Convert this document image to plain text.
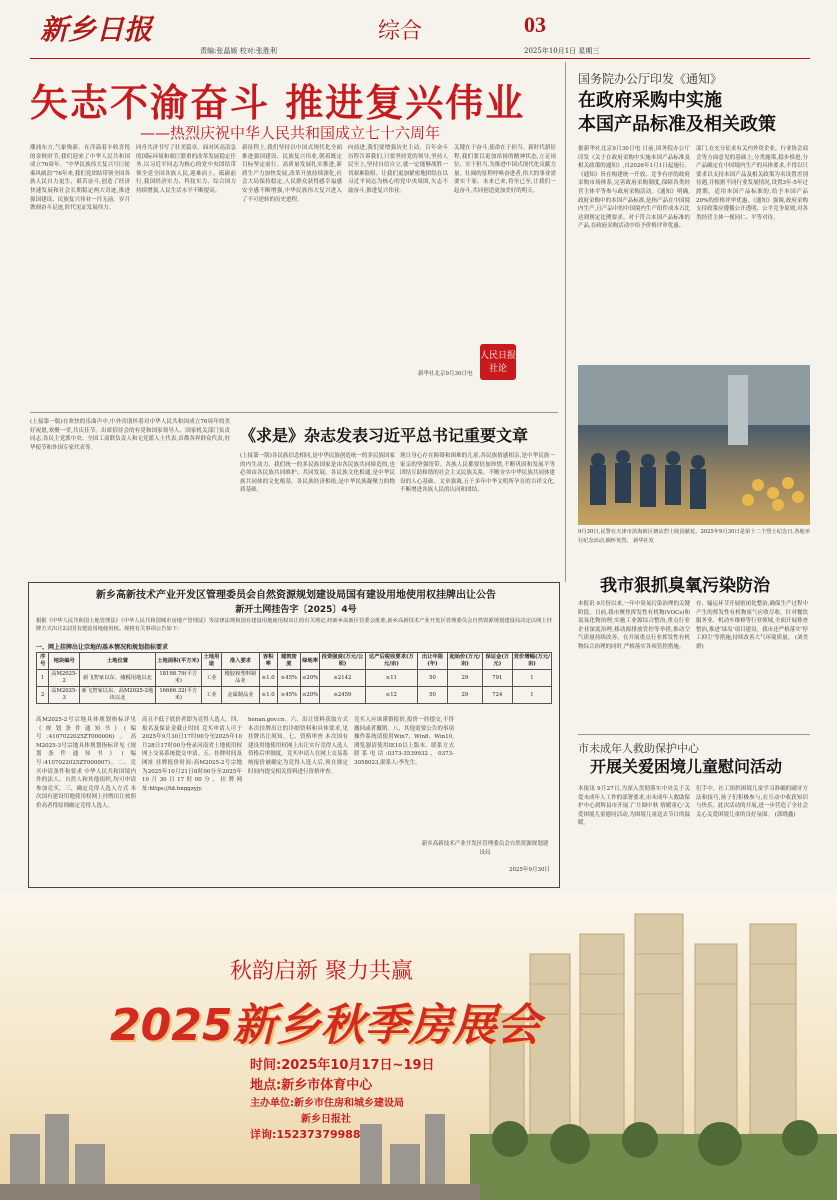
新乡日报
责编:张晶媛 校对:张胜利
综合	03
2025年10月1日 星期三
矢志不渝奋斗 推进复兴伟业
——热烈庆祝中华人民共和国成立七十六周年
潮涌东方,气象焕新。在洋溢着丰收喜悦的金秋时节,我们迎来了中华人民共和国成立76周年。“中华民族伟大复兴号巨轮乘风破浪”76年来,我们党团结带领全国各族人民自力更生、艰苦奋斗,创造了经济快速发展和社会长期稳定两大奇迹,推进强国建设、民族复兴伟业一往无前。岁月镌刻奋斗足迹,时代见证发展伟力。
同舟共济书写了壮美篇章。面对风高浪急的国际环境和艰巨繁重的改革发展稳定任务,以习近平同志为核心的党中央团结带领全党全国各族人民,迎难而上、砥砺前行,我国经济实力、科技实力、综合国力持续增强,人民生活水平不断提高。
新征程上,我们坚持以中国式现代化全面推进强国建设、民族复兴伟业,朝着既定目标坚定前行。高质量发展扎实推进,新质生产力加快发展,改革开放持续深化,社会大局保持稳定,人民群众获得感幸福感安全感不断增强,中华民族伟大复兴进入了不可逆转的历史进程。
向前进,我们要增强历史主动。百年奋斗历程告诉我们,只要坚持党的领导,坚持人民至上,坚持自信自立,就一定能够战胜一切艰难险阻。让我们更加紧密地团结在以习近平同志为核心的党中央周围,矢志不渝奋斗,推进复兴伟业。
关键在于奋斗,使命在于担当。新时代新征程,我们要以更加昂扬的精神状态,立足岗位、实干担当,为推进中国式现代化贡献力量。壮阔的征程呼唤奋进者,伟大的事业需要实干家。未来已来,将至已至,让我们一起奋斗,共同创造更加美好的明天。
人民日报社论
新华社北京9月30日电
(上接第一版)在欢快的乐曲声中,中外宾朋怀着对中华人民共和国成立76周年的美好祝愿,欢聚一堂,共庆佳节。出席招待会的有党和国家领导人、国家机关部门负责同志,各民主党派中央、全国工商联负责人和无党派人士代表,首都各界群众代表,驻华使节和外国专家代表等。
《求是》杂志发表习近平总书记重要文章
(上接第一版)各民族信念相同,是中华民族创造统一的多民族国家的内生动力。我们统一的多民族国家是由各民族共同缔造的,也必须由各民族共同维护、共同发展。各民族文化相通,是中华民族共同体的文化根基。各民族经济相依,是中华民族凝聚力的物质基础。
现日身心存在障碍和困难的儿童,各民族情感相亲,是中华民族一家亲的坚强纽带。各族人民都要倍加珍惜,不断巩固和发展平等团结互助和谐的社会主义民族关系。不断夯实中华民族共同体建设的人心基础。文章强调,五千多年中华文明所孕育的吉祥文化,不断增进各族人民的认同和团结。
国务院办公厅印发《通知》
在政府采购中实施
本国产品标准及相关政策
据新华社北京9月30日电 日前,国务院办公厅印发《关于在政府采购中实施本国产品标准及相关政策的通知》,自2026年1月1日起施行。《通知》旨在构建统一开放、竞争有序的政府采购市场体系,完善政府采购制度,保障各类经营主体平等参与政府采购活动。《通知》明确,政府采购中的本国产品标准,是指产品在中国境内生产,且产品中的中国境内生产组件成本占比达到规定比例要求。对于符合本国产品标准的产品,在政府采购活动中给予价格评审优惠。
部门,在充分征求有关内外资企业、行业协会商会等方面意见的基础上,分类施策,稳步推进,分产品确定在中国境内生产的具体要求,不得以只要求以支持本国产品及相关政策为名设置差别待遇,并根据不同行业发展情况,设置3年-5年过渡期。适用本国产品标准的,给予本国产品20%的价格评审优惠。《通知》强调,政府采购支持政策应遵循公开透明、公平竞争原则,对各类经营主体一视同仁、平等对待。
9月30日,民警在天津市滨海新区塘沽烈士陵园献花。2025年9月30日是第十二个烈士纪念日,各地举行纪念活动,缅怀英烈。 新华社发
我市狠抓臭氧污染防治
本报讯 9月份以来,一年中臭氧污染治理的关键阶段。日前,我市聚焦挥发性有机物(VOCs)和氮氧化物治理,实施工业源综合整治,重点行业企业深度治理,移动源排放管控等举措,推动空气质量持续改善。在开展重点行业挥发性有机物综合治理的同时,严格落实各项管控措施。
存、输运环节开展密闭化整治,确保生产过程中产生的挥发性有机物废气应收尽收。针对餐饮服务业、机动车维修等行业领域,全面开展排查整治,推进‘绿岛’项目建设。我市还严格落实‘停工抑尘’等措施,持续改善大气环境质量。 (刘美群)
市未成年人救助保护中心
开展关爱困境儿童慰问活动
本报讯 9月27日,为深入贯彻落实中央关于关爱未成年人工作的部署要求,市未成年人救助保护中心到辉县市开展了‘月圆中秋 情暖童心’关爱困境儿童慰问活动,为困境儿童送去节日的温暖。
们手中。社工组织困境儿童学习准确的刷牙方法和技巧,孩子们积极参与,在互动中收获知识与快乐。此次活动的开展,进一步营造了全社会关心关爱困境儿童的良好氛围。 (郭晓鑫)
新乡高新技术产业开发区管理委员会自然资源规划建设局国有建设用地使用权挂牌出让公告
新开土网挂告字〔2025〕4号
根据《中华人民共和国土地管理法》《中华人民共和国城市房地产管理法》等法律法规和国有建设用地使用权出让的有关规定,经新乡高新区管委会批准,新乡高新技术产业开发区管理委员会自然资源规划建设局决定以网上挂牌方式出让2宗国有建设用地使用权。现将有关事项公告如下:
一、网上挂牌出让宗地的基本情况和规划指标要求
序号	地块编号	土地位置	土地面积(平方米)	土地用途	准入要求	容积率	建筑密度	绿地率	投资强度(万元/公顷)	达产后税收要求(万元/亩)	出让年限(年)	起始价(万元/亩)	保证金(万元)	竞价增幅(万元/亩)
1	高M2025-2	新飞智家以东、储税用地以北	18198.79(平方米)	工业	橡胶和塑料制品业	≥1.0	≥45%	≤20%	≥2142	≥11	50	29	791	1
2	高M2025-3	新飞智家以东、高M2025-2地块以北	16666.32(平方米)	工业	金属制品业	≥1.0	≥45%	≤20%	≥2459	≥12	50	29	724	1
高M2025-2号宗地具体规划指标详见《规划条件通知书》(编号:4107022025ZT000006)。高M2025-3号宗地具体规划指标详见《规划条件通知书》(编号:4107022025ZT000007)。二、竞买申请条件和要求 中华人民共和国境内外的法人、自然人和其他组织,均可申请参加竞买。三、确定竞得人选人方式 本次国有建设用地使用权网上挂牌出让按照价高者得原则确定竞得人选人。
高且不低于底价者即为竞得人选人。四、报名及保证金截止时间 竞买申请人可于2025年9月30日17时00分至2025年10月28日17时00分登录河南省土地使用权网上交易系统提交申请。五、挂牌时间及网址 挂牌报价时间:高M2025-2号宗地为2025年10月21日8时00分至2025年10月30日17时00分。挂牌网址:https://td.hnggzyjy.
henan.gov.cn。六、出让资料获取方式 本次挂牌出让的详细资料和具体要求,见挂牌出让须知。七、资格审查 本次国有建设用地使用权网上出让实行竞得人选人资格后审制度。竞买申请人在网上交易系统报价被确定为竞得人选人后,须在规定时间内提交相关资料进行资格审查。
竞买人应该谨慎报价,报价一经提交,不得撤回或者撤销。八、其他需要公告的事项 操作系统请使用Win7、Win8、Win10,浏览器请使用IE10以上版本。联系方式 联系电话:0373-3539932、0373-3058023,联系人:李先生。
新乡高新技术产业开发区管理委员会自然资源规划建设局
2025年9月30日
秋韵启新 聚力共赢
2025新乡秋季房展会
时间:2025年10月17日~19日
地点:新乡市体育中心
主办单位:新乡市住房和城乡建设局
新乡日报社
详询:15237379988
